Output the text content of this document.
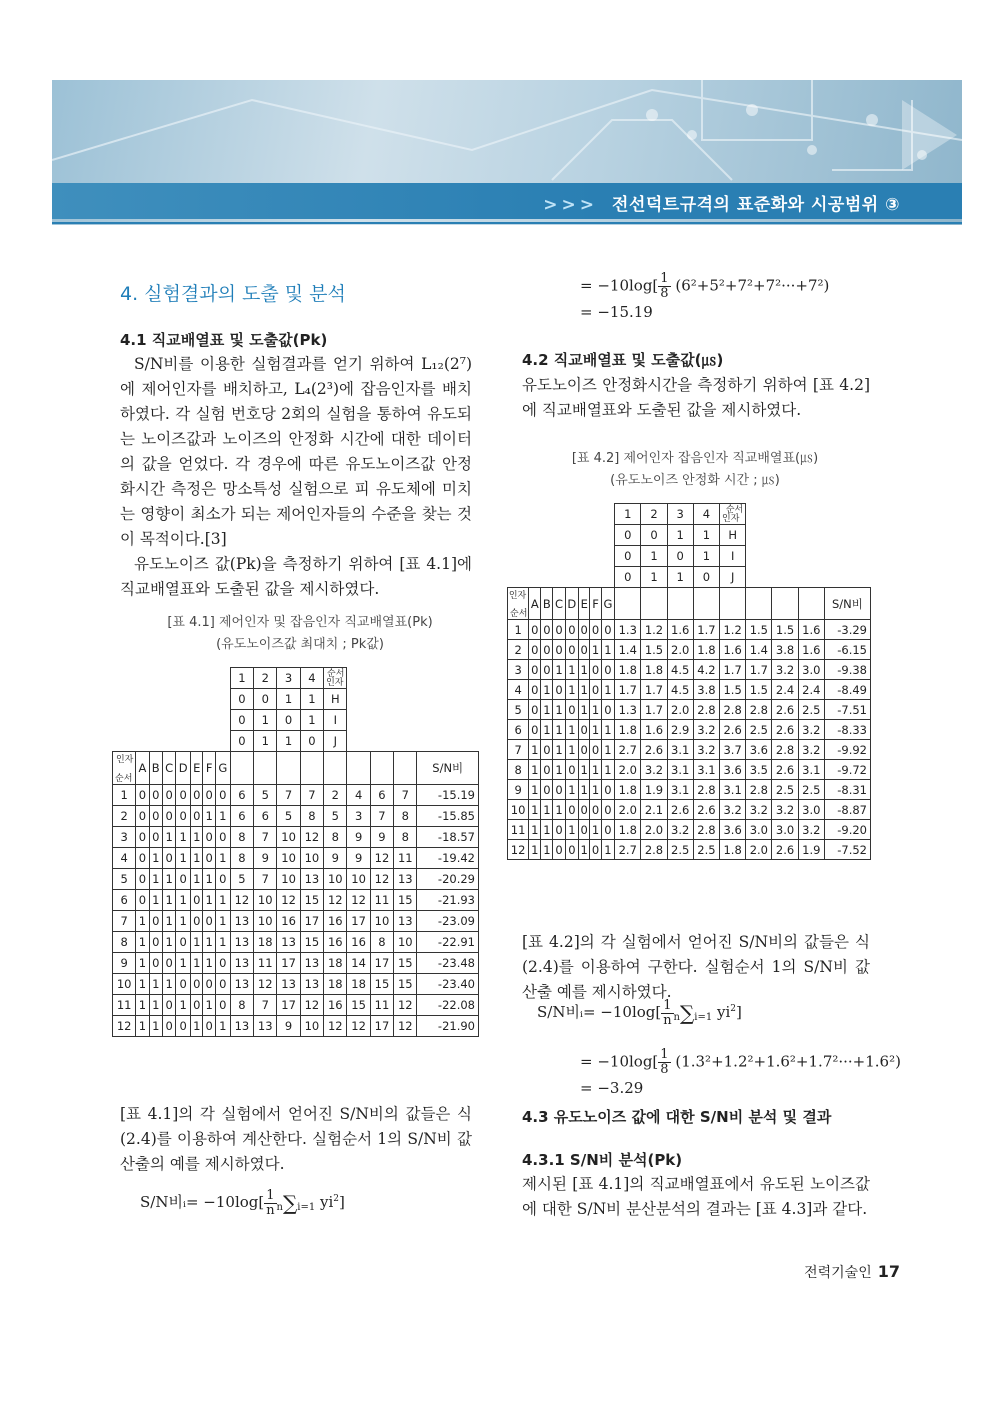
>>> 전선덕트규격의 표준화와 시공범위 ③
4. 실험결과의 도출 및 분석
4.1 직교배열표 및 도출값(Pk)

S/N비를 이용한 실험결과를 얻기 위하여 L₁₂(2⁷)에 제어인자를 배치하고, L₄(2³)에 잡음인자를 배치하였다. 각 실험 번호당 2회의 실험을 통하여 유도되는 노이즈값과 노이즈의 안정화 시간에 대한 데이터의 값을 얻었다. 각 경우에 따른 유도노이즈값 안정화시간 측정은 망소특성 실험으로 피 유도체에 미치는 영향이 최소가 되는 제어인자들의 수준을 찾는 것이 목적이다.[3]

유도노이즈 값(Pk)을 측정하기 위하여 [표 4.1]에 직교배열표와 도출된 값을 제시하였다.

[표 4.1] 제어인자 및 잡음인자 직교배열표(Pk)
(유도노이즈값 최대치 ; Pk값)
								1	2	3	4	순서
인자				

								0	0	1	1	H				
								0	1	0	1	I				
								0	1	1	0	J				

인자
순서	A	B	C	D	E	F	G									S/N비
1	0	0	0	0	0	0	0	6	5	7	7	2	4	6	7	-15.19
2	0	0	0	0	0	1	1	6	6	5	8	5	3	7	8	-15.85
3	0	0	1	1	1	0	0	8	7	10	12	8	9	9	8	-18.57
4	0	1	0	1	1	0	1	8	9	10	10	9	9	12	11	-19.42
5	0	1	1	0	1	1	0	5	7	10	13	10	10	12	13	-20.29
6	0	1	1	1	0	1	1	12	10	12	15	12	12	11	15	-21.93
7	1	0	1	1	0	0	1	13	10	16	17	16	17	10	13	-23.09
8	1	0	1	0	1	1	1	13	18	13	15	16	16	8	10	-22.91
9	1	0	0	1	1	1	0	13	11	17	13	18	14	17	15	-23.48
10	1	1	1	0	0	0	0	13	12	13	13	18	18	15	15	-23.40
11	1	1	0	1	0	1	0	8	7	17	12	16	15	11	12	-22.08
12	1	1	0	0	1	0	1	13	13	9	10	12	12	17	12	-21.90

[표 4.1]의 각 실험에서 얻어진 S/N비의 값들은 식 (2.4)를 이용하여 계산한다. 실험순서 1의 S/N비 값 산출의 예를 제시하였다.

S/N비ᵢ= $-10\log[ \frac{1}{n} n\sum i=1$ $yi^2$]
= $-10\log[ \frac{1}{8} (6^2+5^2+7^2+7^2\cdot\cdot\cdot+7^2)$
= −15.19
4.2 직교배열표 및 도출값(㎲)

유도노이즈 안정화시간을 측정하기 위하여 [표 4.2]에 직교배열표와 도출된 값을 제시하였다.

[표 4.2] 제어인자 잡음인자 직교배열표(㎲)
(유도노이즈 안정화 시간 ; ㎲)
								1	2	3	4	순서
인자				

								0	0	1	1	H				
								0	1	0	1	I				
								0	1	1	0	J				

인자
순서	A	B	C	D	E	F	G									S/N비
1	0	0	0	0	0	0	0	1.3	1.2	1.6	1.7	1.2	1.5	1.5	1.6	-3.29
2	0	0	0	0	0	1	1	1.4	1.5	2.0	1.8	1.6	1.4	3.8	1.6	-6.15
3	0	0	1	1	1	0	0	1.8	1.8	4.5	4.2	1.7	1.7	3.2	3.0	-9.38
4	0	1	0	1	1	0	1	1.7	1.7	4.5	3.8	1.5	1.5	2.4	2.4	-8.49
5	0	1	1	0	1	1	0	1.3	1.7	2.0	2.8	2.8	2.8	2.6	2.5	-7.51
6	0	1	1	1	0	1	1	1.8	1.6	2.9	3.2	2.6	2.5	2.6	3.2	-8.33
7	1	0	1	1	0	0	1	2.7	2.6	3.1	3.2	3.7	3.6	2.8	3.2	-9.92
8	1	0	1	0	1	1	1	2.0	3.2	3.1	3.1	3.6	3.5	2.6	3.1	-9.72
9	1	0	0	1	1	1	0	1.8	1.9	3.1	2.8	3.1	2.8	2.5	2.5	-8.31
10	1	1	1	0	0	0	0	2.0	2.1	2.6	2.6	3.2	3.2	3.2	3.0	-8.87
11	1	1	0	1	0	1	0	1.8	2.0	3.2	2.8	3.6	3.0	3.0	3.2	-9.20
12	1	1	0	0	1	0	1	2.7	2.8	2.5	2.5	1.8	2.0	2.6	1.9	-7.52

[표 4.2]의 각 실험에서 얻어진 S/N비의 값들은 식 (2.4)를 이용하여 구한다. 실험순서 1의 S/N비 값 산출 예를 제시하였다.

S/N비ᵢ= $-10\log[ \frac{1}{n} n\sum i=1$ $yi^2$]
= $-10\log[ \frac{1}{8} (1.3^2+1.2^2+1.6^2+1.7^2\cdot\cdot\cdot+1.6^2)$
= −3.29
4.3 유도노이즈 값에 대한 S/N비 분석 및 결과
4.3.1 S/N비 분석(Pk)

제시된 [표 4.1]의 직교배열표에서 유도된 노이즈값에 대한 S/N비 분산분석의 결과는 [표 4.3]과 같다.

전력기술인 17
